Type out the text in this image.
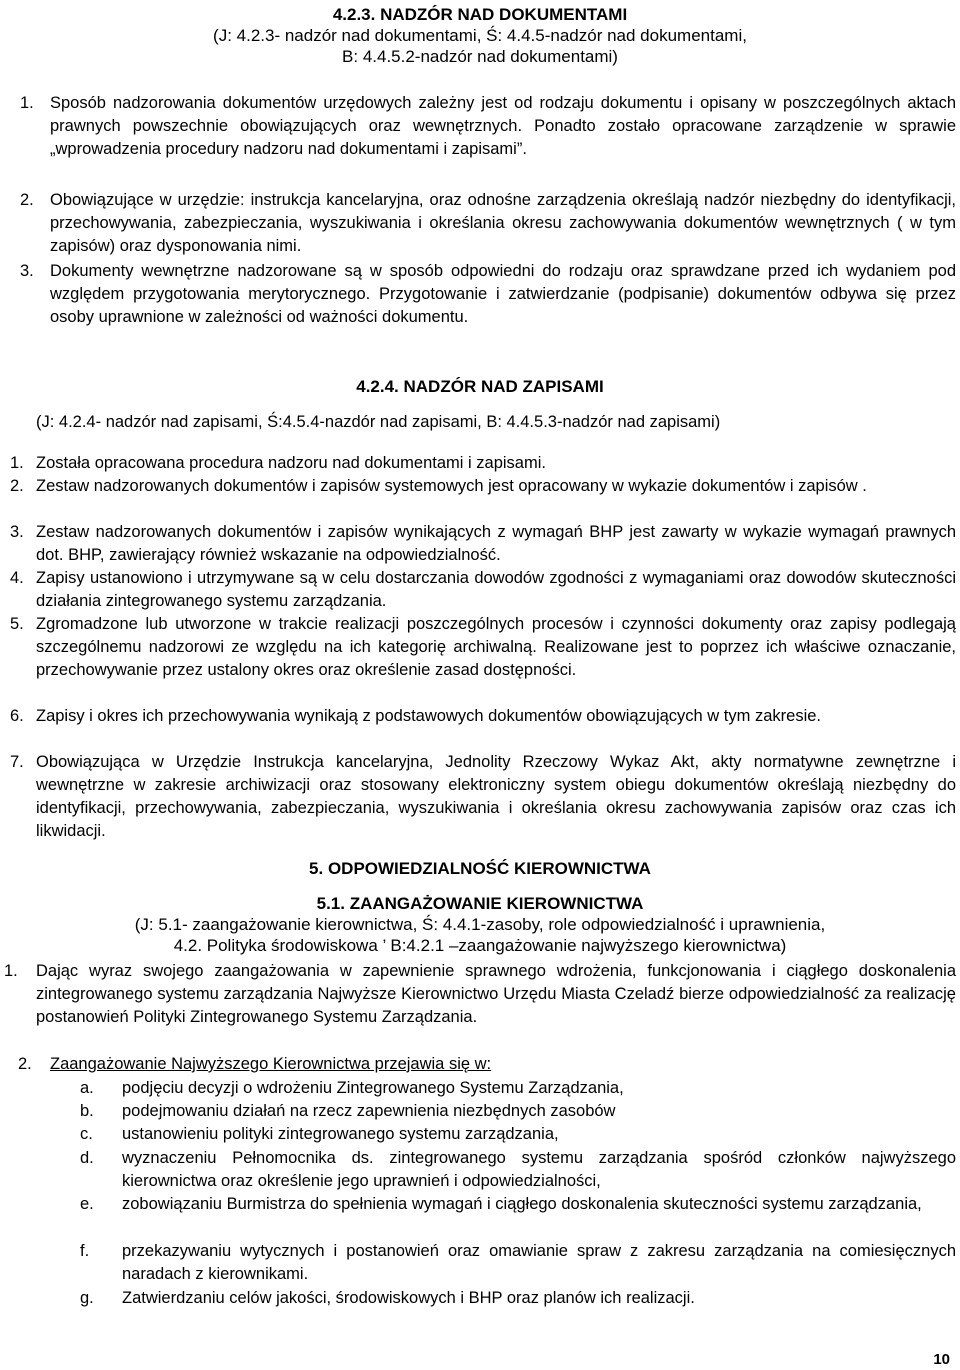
4.2.3. NADZÓR NAD DOKUMENTAMI
(J: 4.2.3- nadzór nad dokumentami, Ś: 4.4.5-nadzór nad dokumentami,
B: 4.4.5.2-nadzór nad dokumentami)
1. Sposób nadzorowania dokumentów urzędowych zależny jest od rodzaju dokumentu i opisany w poszczególnych aktach prawnych powszechnie obowiązujących oraz wewnętrznych. Ponadto zostało opracowane zarządzenie w sprawie „wprowadzenia procedury nadzoru nad dokumentami i zapisami”.
2. Obowiązujące w urzędzie: instrukcja kancelaryjna, oraz odnośne zarządzenia określają nadzór niezbędny do identyfikacji, przechowywania, zabezpieczania, wyszukiwania i określania okresu zachowywania dokumentów wewnętrznych ( w tym zapisów) oraz dysponowania nimi.
3. Dokumenty wewnętrzne nadzorowane są w sposób odpowiedni do rodzaju oraz sprawdzane przed ich wydaniem pod względem przygotowania merytorycznego. Przygotowanie i zatwierdzanie (podpisanie) dokumentów odbywa się przez osoby uprawnione w zależności od ważności dokumentu.
4.2.4. NADZÓR NAD ZAPISAMI
(J: 4.2.4- nadzór nad zapisami, Ś:4.5.4-nazdór nad zapisami, B: 4.4.5.3-nadzór nad zapisami)
1. Została opracowana procedura nadzoru nad dokumentami i zapisami.
2. Zestaw nadzorowanych dokumentów i zapisów systemowych jest opracowany w wykazie dokumentów i zapisów .
3. Zestaw nadzorowanych dokumentów i zapisów wynikających z wymagań BHP jest zawarty w wykazie wymagań prawnych dot. BHP, zawierający również wskazanie na odpowiedzialność.
4. Zapisy ustanowiono i utrzymywane są w celu dostarczania dowodów zgodności z wymaganiami oraz dowodów skuteczności działania zintegrowanego systemu zarządzania.
5. Zgromadzone lub utworzone w trakcie realizacji poszczególnych procesów i czynności dokumenty oraz zapisy podlegają szczególnemu nadzorowi ze względu na ich kategorię archiwalną. Realizowane jest to poprzez ich właściwe oznaczanie, przechowywanie przez ustalony okres oraz określenie zasad dostępności.
6. Zapisy i okres ich przechowywania wynikają z podstawowych dokumentów obowiązujących w tym zakresie.
7. Obowiązująca w Urzędzie Instrukcja kancelaryjna, Jednolity Rzeczowy Wykaz Akt, akty normatywne zewnętrzne i wewnętrzne w zakresie archiwizacji oraz stosowany elektroniczny system obiegu dokumentów określają niezbędny do identyfikacji, przechowywania, zabezpieczania, wyszukiwania i określania okresu zachowywania zapisów oraz czas ich likwidacji.
5. ODPOWIEDZIALNOŚĆ KIEROWNICTWA
5.1. ZAANGAŻOWANIE KIEROWNICTWA
(J: 5.1- zaangażowanie kierownictwa, Ś: 4.4.1-zasoby, role odpowiedzialność i uprawnienia,
4.2. Polityka środowiskowa ’ B:4.2.1 –zaangażowanie najwyższego kierownictwa)
1. Dając wyraz swojego zaangażowania w zapewnienie sprawnego wdrożenia, funkcjonowania i ciągłego doskonalenia zintegrowanego systemu zarządzania Najwyższe Kierownictwo Urzędu Miasta Czeladź bierze odpowiedzialność za realizację postanowień Polityki Zintegrowanego Systemu Zarządzania.
2. Zaangażowanie Najwyższego Kierownictwa przejawia się w:
a. podjęciu decyzji o wdrożeniu Zintegrowanego Systemu Zarządzania,
b. podejmowaniu działań na rzecz zapewnienia niezbędnych zasobów
c. ustanowieniu polityki zintegrowanego systemu zarządzania,
d. wyznaczeniu Pełnomocnika ds. zintegrowanego systemu zarządzania spośród członków najwyższego kierownictwa oraz określenie jego uprawnień i odpowiedzialności,
e. zobowiązaniu Burmistrza do spełnienia wymagań i ciągłego doskonalenia skuteczności systemu zarządzania,
f. przekazywaniu wytycznych i postanowień oraz omawianie spraw z zakresu zarządzania na comiesięcznych naradach z kierownikami.
g. Zatwierdzaniu celów jakości, środowiskowych i BHP oraz planów ich realizacji.
10
